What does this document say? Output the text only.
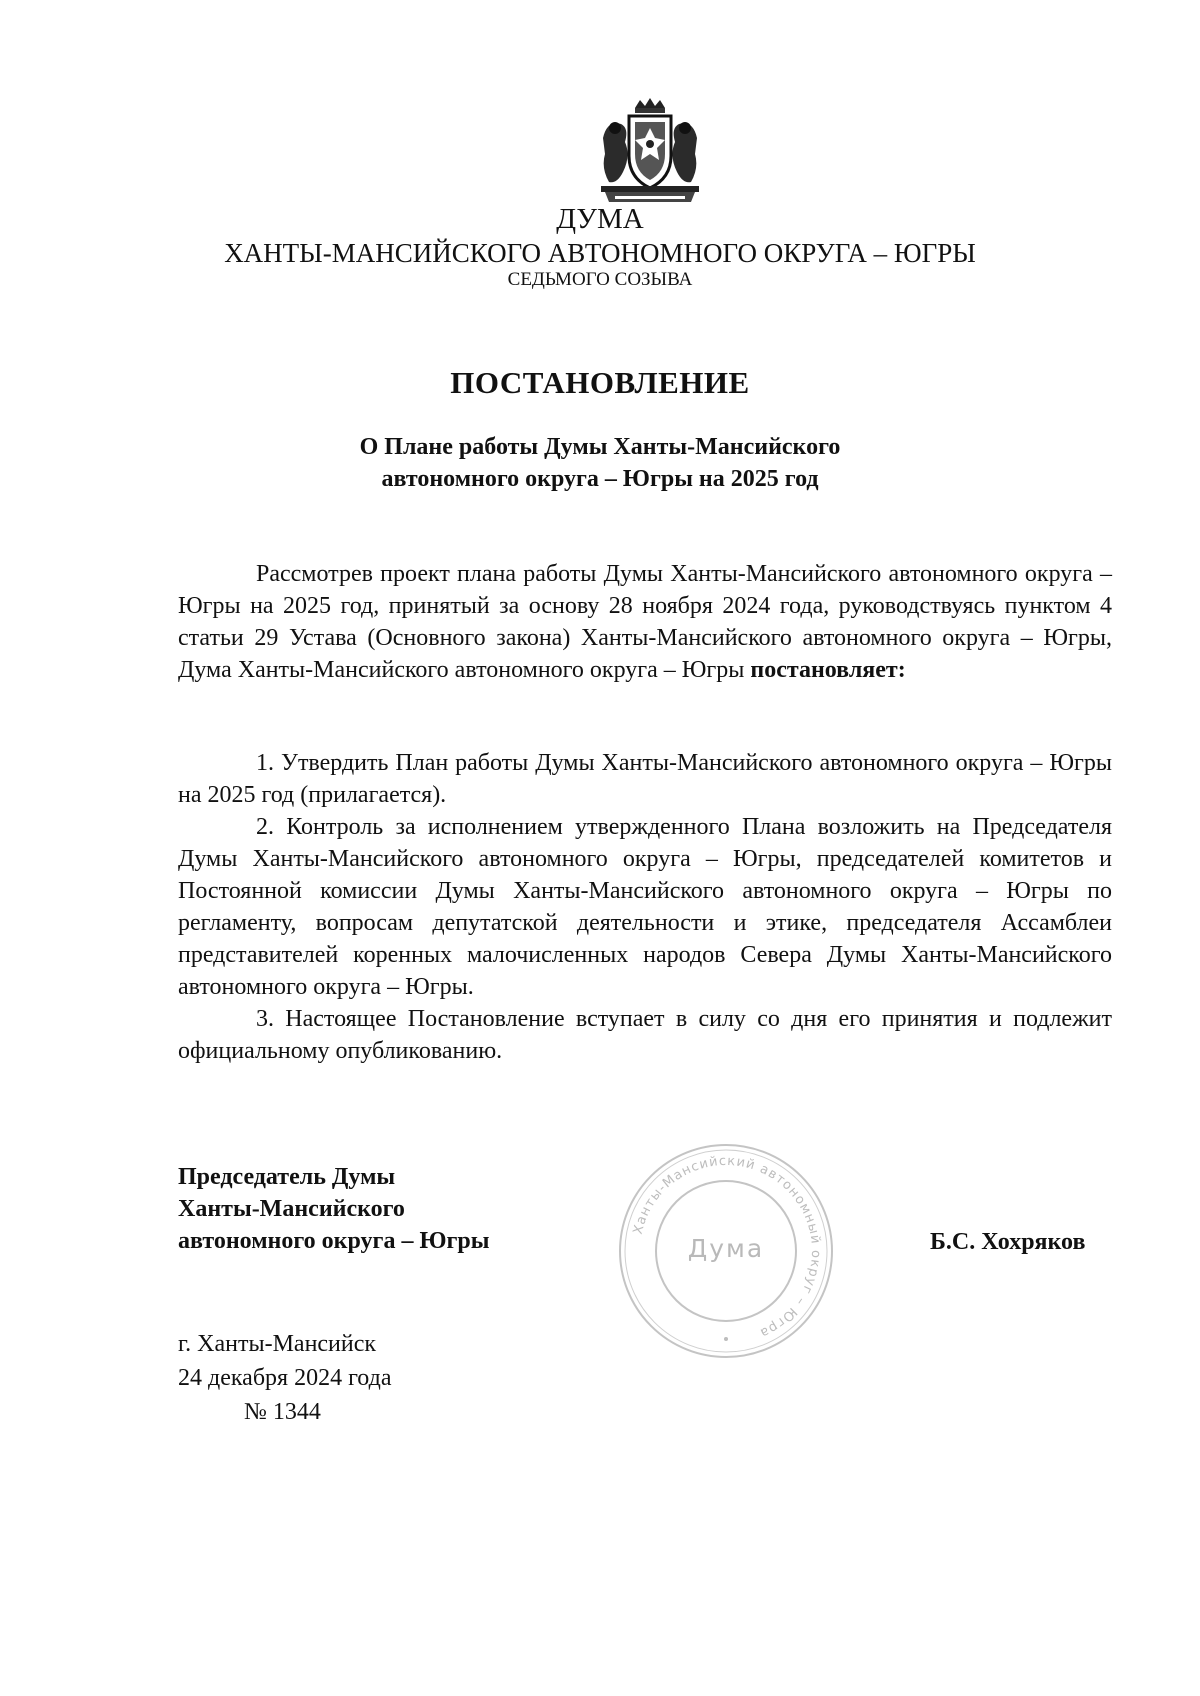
ДУМА
ХАНТЫ-МАНСИЙСКОГО АВТОНОМНОГО ОКРУГА – ЮГРЫ
СЕДЬМОГО СОЗЫВА
ПОСТАНОВЛЕНИЕ
О Плане работы Думы Ханты-Мансийского
автономного округа – Югры на 2025 год

Рассмотрев проект плана работы Думы Ханты-Мансийского автономного округа – Югры на 2025 год, принятый за основу 28 ноября 2024 года, руководствуясь пунктом 4 статьи 29 Устава (Основного закона) Ханты-Мансийского автономного округа – Югры, Дума Ханты-Мансийского автономного округа – Югры постановляет:

1. Утвердить План работы Думы Ханты-Мансийского автономного округа – Югры на 2025 год (прилагается).

2. Контроль за исполнением утвержденного Плана возложить на Председателя Думы Ханты-Мансийского автономного округа – Югры, председателей комитетов и Постоянной комиссии Думы Ханты-Мансийского автономного округа – Югры по регламенту, вопросам депутатской деятельности и этике, председателя Ассамблеи представителей коренных малочисленных народов Севера Думы Ханты-Мансийского автономного округа – Югры.

3. Настоящее Постановление вступает в силу со дня его принятия и подлежит официальному опубликованию.

Председатель Думы
Ханты-Мансийского
автономного округа – Югры	Ханты-Мансийский автономный округ – Югра
Дума	Б.С. Хохряков
г. Ханты-Мансийск
24 декабря 2024 года
№ 1344
